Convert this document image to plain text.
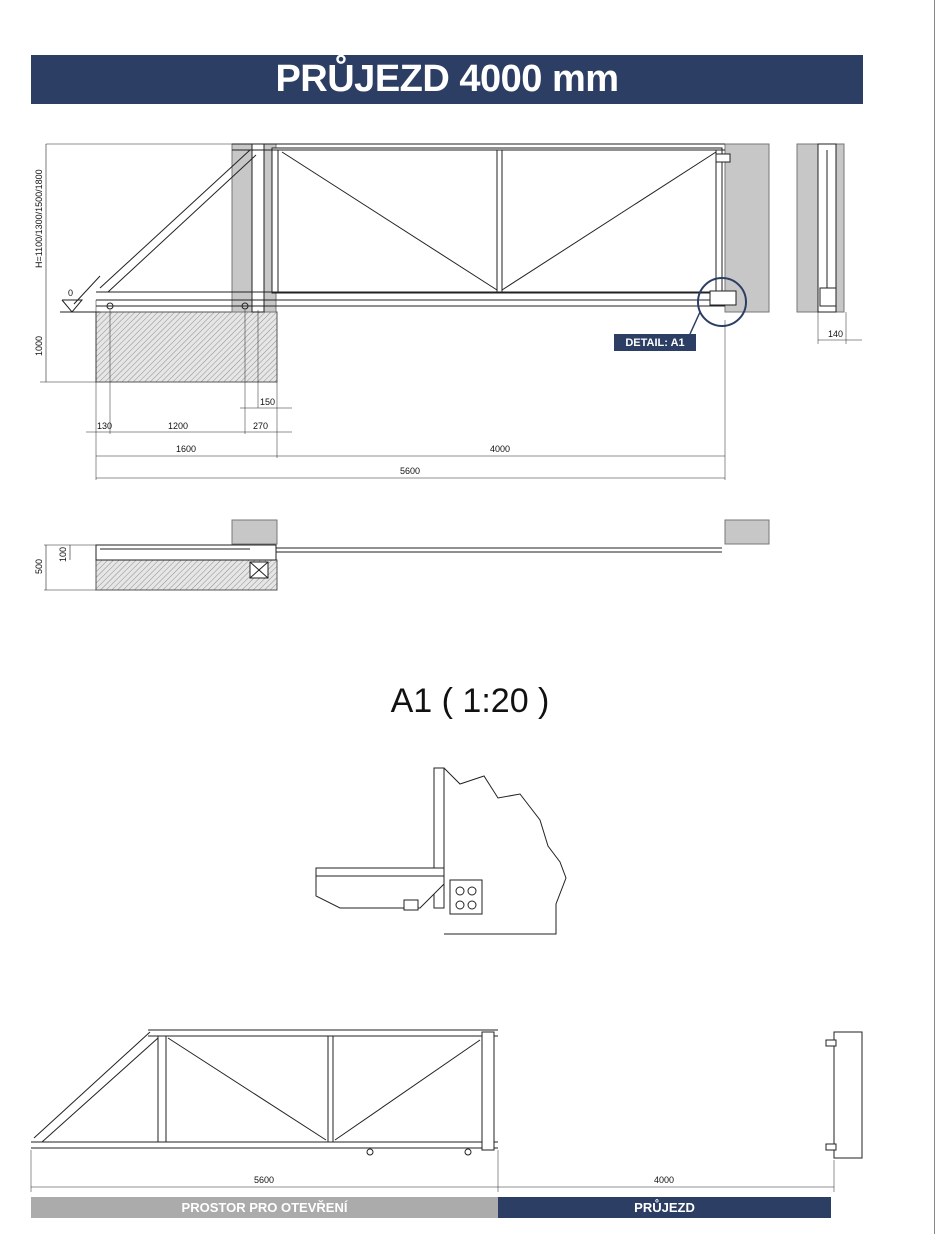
PRŮJEZD 4000 mm
H=1100/1300/1500/1800
0
1000
150
130	1200	270
1600	4000
5600
140
500
100
5600	4000
DETAIL: A1
A1 ( 1:20 )
PROSTOR PRO OTEVŘENÍ	PRŮJEZD
